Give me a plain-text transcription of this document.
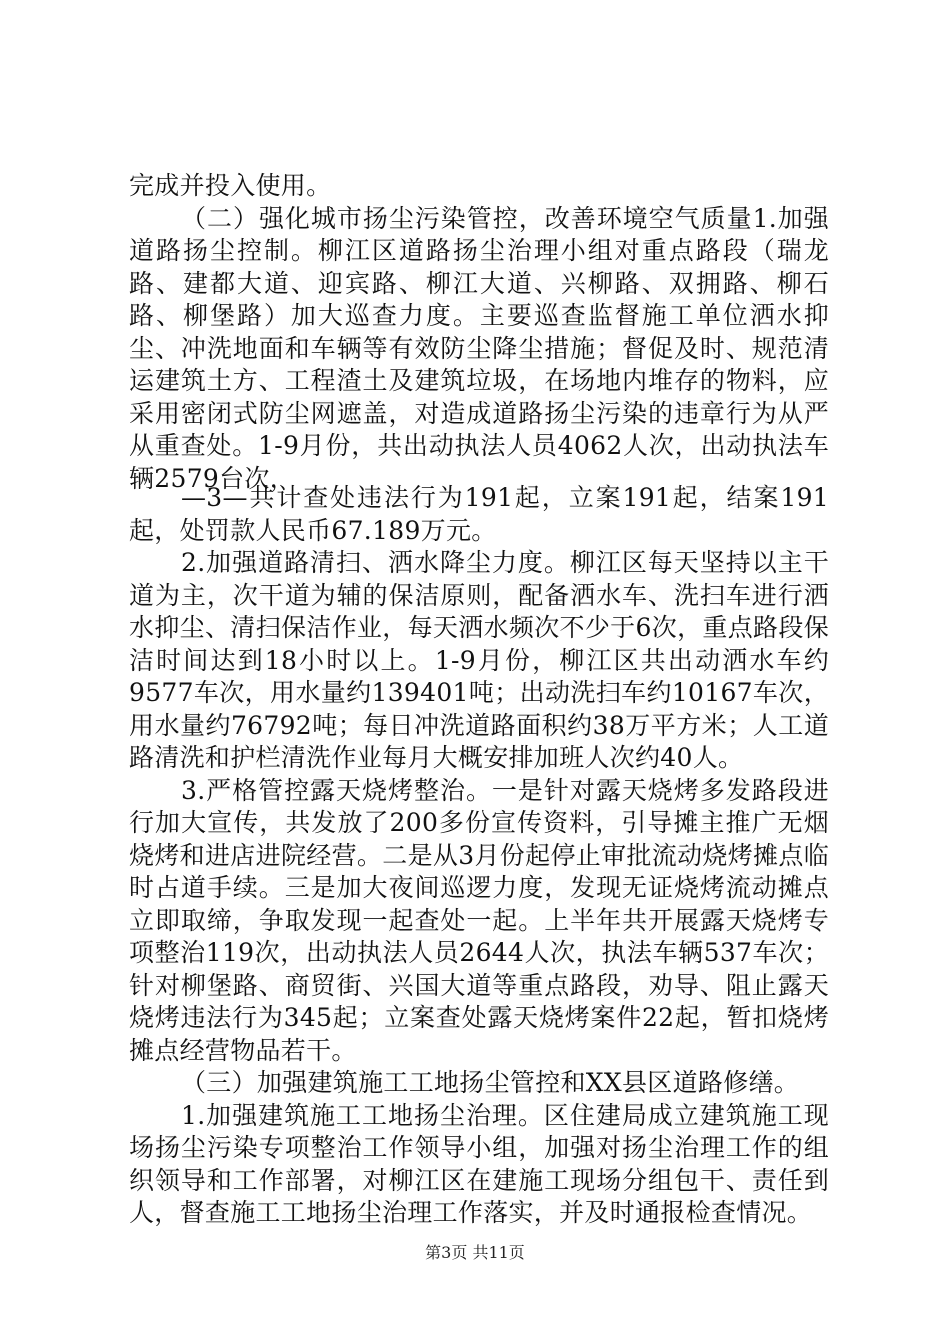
完成并投入使用。

（二）强化城市扬尘污染管控，改善环境空气质量1.加强道路扬尘控制。柳江区道路扬尘治理小组对重点路段（瑞龙路、建都大道、迎宾路、柳江大道、兴柳路、双拥路、柳石路、柳堡路）加大巡查力度。主要巡查监督施工单位洒水抑尘、冲洗地面和车辆等有效防尘降尘措施；督促及时、规范清运建筑土方、工程渣土及建筑垃圾，在场地内堆存的物料，应采用密闭式防尘网遮盖，对造成道路扬尘污染的违章行为从严从重查处。1-9月份，共出动执法人员4062人次，出动执法车辆2579台次，

—3—共计查处违法行为191起，立案191起，结案191起，处罚款人民币67.189万元。

2.加强道路清扫、洒水降尘力度。柳江区每天坚持以主干道为主，次干道为辅的保洁原则，配备洒水车、洗扫车进行洒水抑尘、清扫保洁作业，每天洒水频次不少于6次，重点路段保洁时间达到18小时以上。1-9月份，柳江区共出动洒水车约9577车次，用水量约139401吨；出动洗扫车约10167车次，用水量约76792吨；每日冲洗道路面积约38万平方米；人工道路清洗和护栏清洗作业每月大概安排加班人次约40人。

3.严格管控露天烧烤整治。一是针对露天烧烤多发路段进行加大宣传，共发放了200多份宣传资料，引导摊主推广无烟烧烤和进店进院经营。二是从3月份起停止审批流动烧烤摊点临时占道手续。三是加大夜间巡逻力度，发现无证烧烤流动摊点立即取缔，争取发现一起查处一起。上半年共开展露天烧烤专项整治119次，出动执法人员2644人次，执法车辆537车次；针对柳堡路、商贸街、兴国大道等重点路段，劝导、阻止露天烧烤违法行为345起；立案查处露天烧烤案件22起，暂扣烧烤摊点经营物品若干。

（三）加强建筑施工工地扬尘管控和XX县区道路修缮。

1.加强建筑施工工地扬尘治理。区住建局成立建筑施工现场扬尘污染专项整治工作领导小组，加强对扬尘治理工作的组织领导和工作部署，对柳江区在建施工现场分组包干、责任到人，督查施工工地扬尘治理工作落实，并及时通报检查情况。

第3页 共11页
